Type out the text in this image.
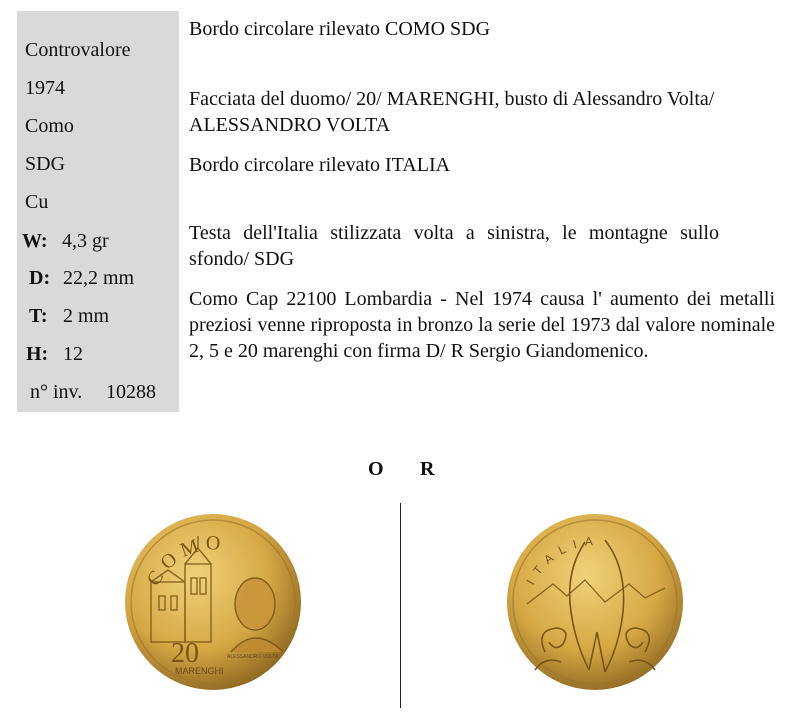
Controvalore
1974
Como
SDG
Cu
W: 4,3 gr
D: 22,2 mm
T: 2 mm
H: 12
n° inv. 10288
Bordo circolare rilevato COMO SDG
Facciata del duomo/ 20/ MARENGHI, busto di Alessandro Volta/ ALESSANDRO VOLTA
Bordo circolare rilevato ITALIA
Testa dell'Italia stilizzata volta a sinistra, le montagne sullo sfondo/ SDG
Como Cap 22100 Lombardia - Nel 1974 causa l' aumento dei metalli preziosi venne riproposta in bronzo la serie del 1973 dal valore nominale 2, 5 e 20 marenghi con firma D/ R Sergio Giandomenico.
O R
COMO
20
MARENGHI
ALESSANDRO VOLTA
ITALIA
